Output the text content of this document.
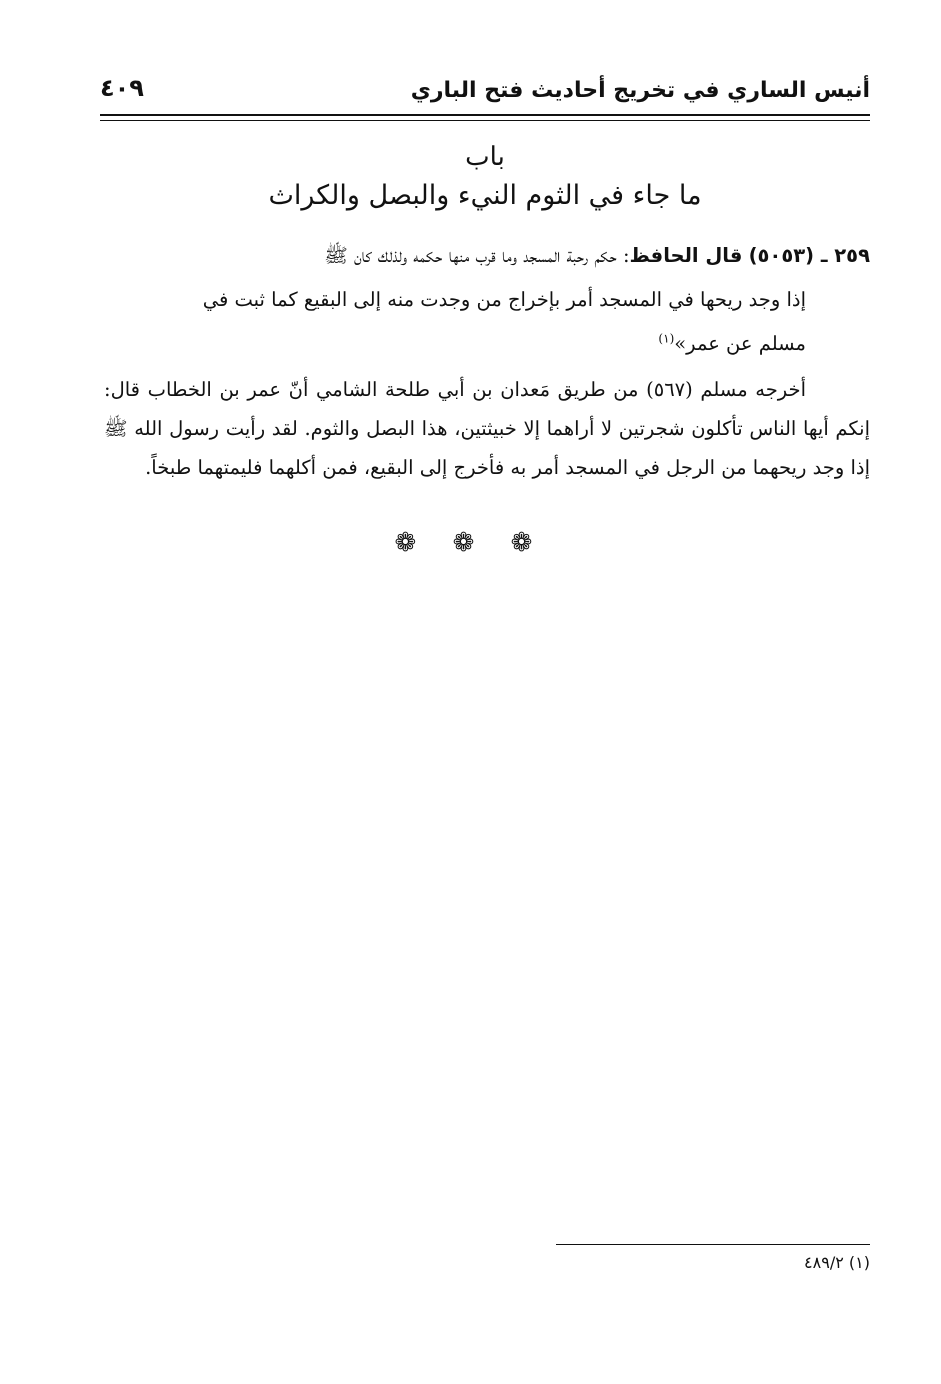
أنيس الساري في تخريج أحاديث فتح الباري
٤٠٩
باب
ما جاء في الثوم النيء والبصل والكراث
٢٥٩ ـ (٥٠٥٣) قال الحافظ: حكم رحبة المسجد وما قرب منها حكمه ولذلك كان ﷺ
إذا وجد ريحها في المسجد أمر بإخراج من وجدت منه إلى البقيع كما ثبت في
مسلم عن عمر»$^{(١)}$
أخرجه مسلم (٥٦٧) من طريق مَعدان بن أبي طلحة الشامي أنّ عمر بن الخطاب قال: إنكم أيها الناس تأكلون شجرتين لا أراهما إلا خبيثتين، هذا البصل والثوم. لقد رأيت رسول الله ﷺ إذا وجد ريحهما من الرجل في المسجد أمر به فأخرج إلى البقيع، فمن أكلهما فليمتهما طبخاً.
❁ ❁ ❁
(١) ٤٨٩/٢
